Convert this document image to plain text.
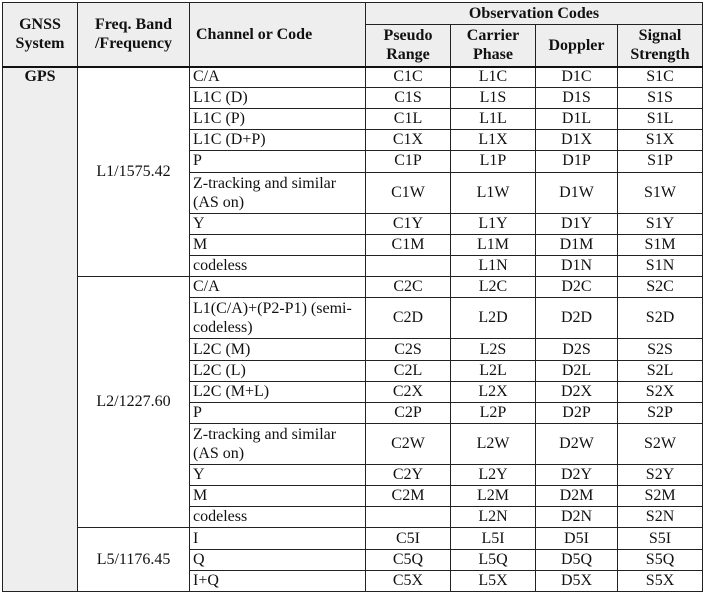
GNSS System	Freq. Band /Frequency	Channel or Code	Observation Codes			
			Pseudo Range	Carrier Phase	Doppler	Signal Strength
GPS	L1/1575.42	C/A	C1C	L1C	D1C	S1C
		L1C (D)	C1S	L1S	D1S	S1S
		L1C (P)	C1L	L1L	D1L	S1L
		L1C (D+P)	C1X	L1X	D1X	S1X
		P	C1P	L1P	D1P	S1P
		Z-tracking and similar (AS on)	C1W	L1W	D1W	S1W
		Y	C1Y	L1Y	D1Y	S1Y
		M	C1M	L1M	D1M	S1M
		codeless		L1N	D1N	S1N
	L2/1227.60	C/A	C2C	L2C	D2C	S2C
		L1(C/A)+(P2-P1) (semi-codeless)	C2D	L2D	D2D	S2D
		L2C (M)	C2S	L2S	D2S	S2S
		L2C (L)	C2L	L2L	D2L	S2L
		L2C (M+L)	C2X	L2X	D2X	S2X
		P	C2P	L2P	D2P	S2P
		Z-tracking and similar (AS on)	C2W	L2W	D2W	S2W
		Y	C2Y	L2Y	D2Y	S2Y
		M	C2M	L2M	D2M	S2M
		codeless		L2N	D2N	S2N
	L5/1176.45	I	C5I	L5I	D5I	S5I
		Q	C5Q	L5Q	D5Q	S5Q
		I+Q	C5X	L5X	D5X	S5X
